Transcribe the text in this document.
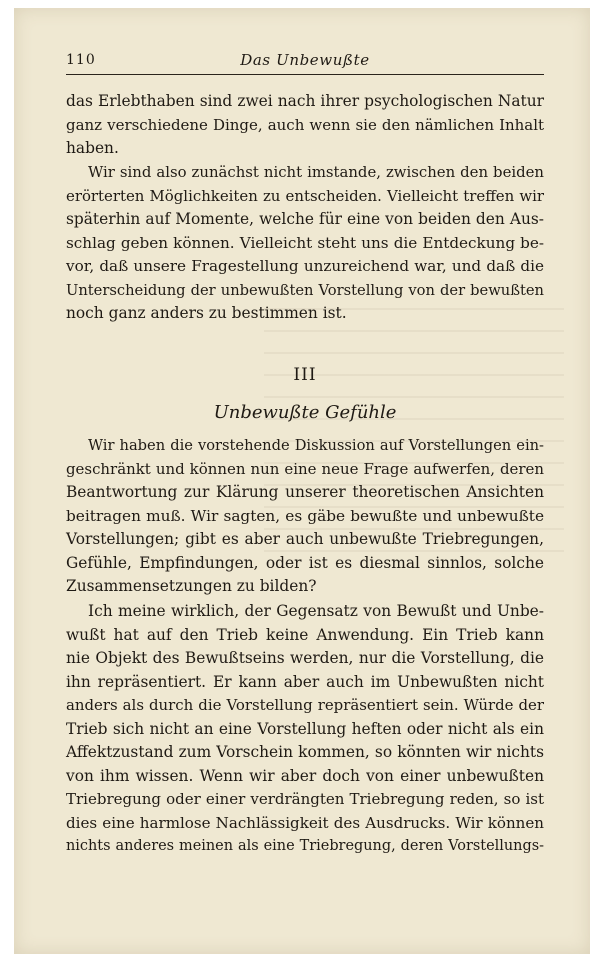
110	Das Unbewußte
das Erlebthaben sind zwei nach ihrer psychologischen Natur
ganz verschiedene Dinge, auch wenn sie den nämlichen Inhalt
haben.
Wir sind also zunächst nicht imstande, zwischen den beiden
erörterten Möglichkeiten zu entscheiden. Vielleicht treffen wir
späterhin auf Momente, welche für eine von beiden den Aus-
schlag geben können. Vielleicht steht uns die Entdeckung be-
vor, daß unsere Fragestellung unzureichend war, und daß die
Unterscheidung der unbewußten Vorstellung von der bewußten
noch ganz anders zu bestimmen ist.
III
Unbewußte Gefühle
Wir haben die vorstehende Diskussion auf Vorstellungen ein-
geschränkt und können nun eine neue Frage aufwerfen, deren
Beantwortung zur Klärung unserer theoretischen Ansichten
beitragen muß. Wir sagten, es gäbe bewußte und unbewußte
Vorstellungen; gibt es aber auch unbewußte Triebregungen,
Gefühle, Empfindungen, oder ist es diesmal sinnlos, solche
Zusammensetzungen zu bilden?
Ich meine wirklich, der Gegensatz von Bewußt und Unbe-
wußt hat auf den Trieb keine Anwendung. Ein Trieb kann
nie Objekt des Bewußtseins werden, nur die Vorstellung, die
ihn repräsentiert. Er kann aber auch im Unbewußten nicht
anders als durch die Vorstellung repräsentiert sein. Würde der
Trieb sich nicht an eine Vorstellung heften oder nicht als ein
Affektzustand zum Vorschein kommen, so könnten wir nichts
von ihm wissen. Wenn wir aber doch von einer unbewußten
Triebregung oder einer verdrängten Triebregung reden, so ist
dies eine harmlose Nachlässigkeit des Ausdrucks. Wir können
nichts anderes meinen als eine Triebregung, deren Vorstellungs-
